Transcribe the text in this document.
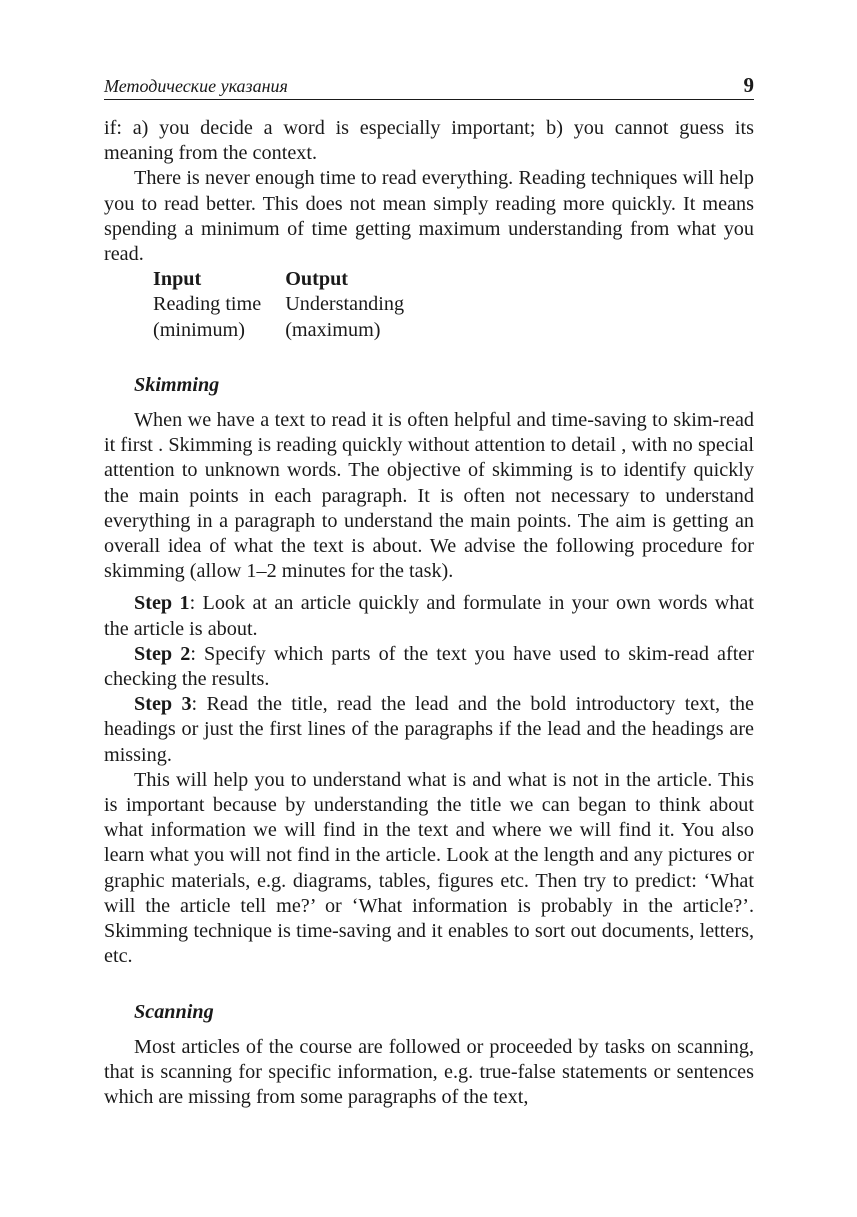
Методические указания	9

if: a) you decide a word is especially important; b) you cannot guess its meaning from the context.

There is never enough time to read everything. Reading techniques will help you to read better. This does not mean simply reading more quickly. It means spending a minimum of time getting maximum understanding from what you read.

Input	Output
Reading time	Understanding
(minimum)	(maximum)
Skimming

When we have a text to read it is often helpful and time-saving to skim-read it first . Skimming is reading quickly without attention to detail , with no special attention to unknown words. The objective of skimming is to identify quickly the main points in each paragraph. It is often not necessary to understand everything in a paragraph to understand the main points. The aim is getting an overall idea of what the text is about. We advise the following procedure for skimming (allow 1–2 minutes for the task).

Step 1: Look at an article quickly and formulate in your own words what the article is about.

Step 2: Specify which parts of the text you have used to skim-read after checking the results.

Step 3: Read the title, read the lead and the bold introductory text, the headings or just the first lines of the paragraphs if the lead and the headings are missing.

This will help you to understand what is and what is not in the article. This is important because by understanding the title we can began to think about what information we will find in the text and where we will find it. You also learn what you will not find in the article. Look at the length and any pictures or graphic materials, e.g. diagrams, tables, figures etc. Then try to predict: ‘What will the article tell me?’ or ‘What information is probably in the article?’. Skimming technique is time-saving and it enables to sort out documents, letters, etc.

Scanning

Most articles of the course are followed or proceeded by tasks on scanning, that is scanning for specific information, e.g. true-false statements or sentences which are missing from some paragraphs of the text,
